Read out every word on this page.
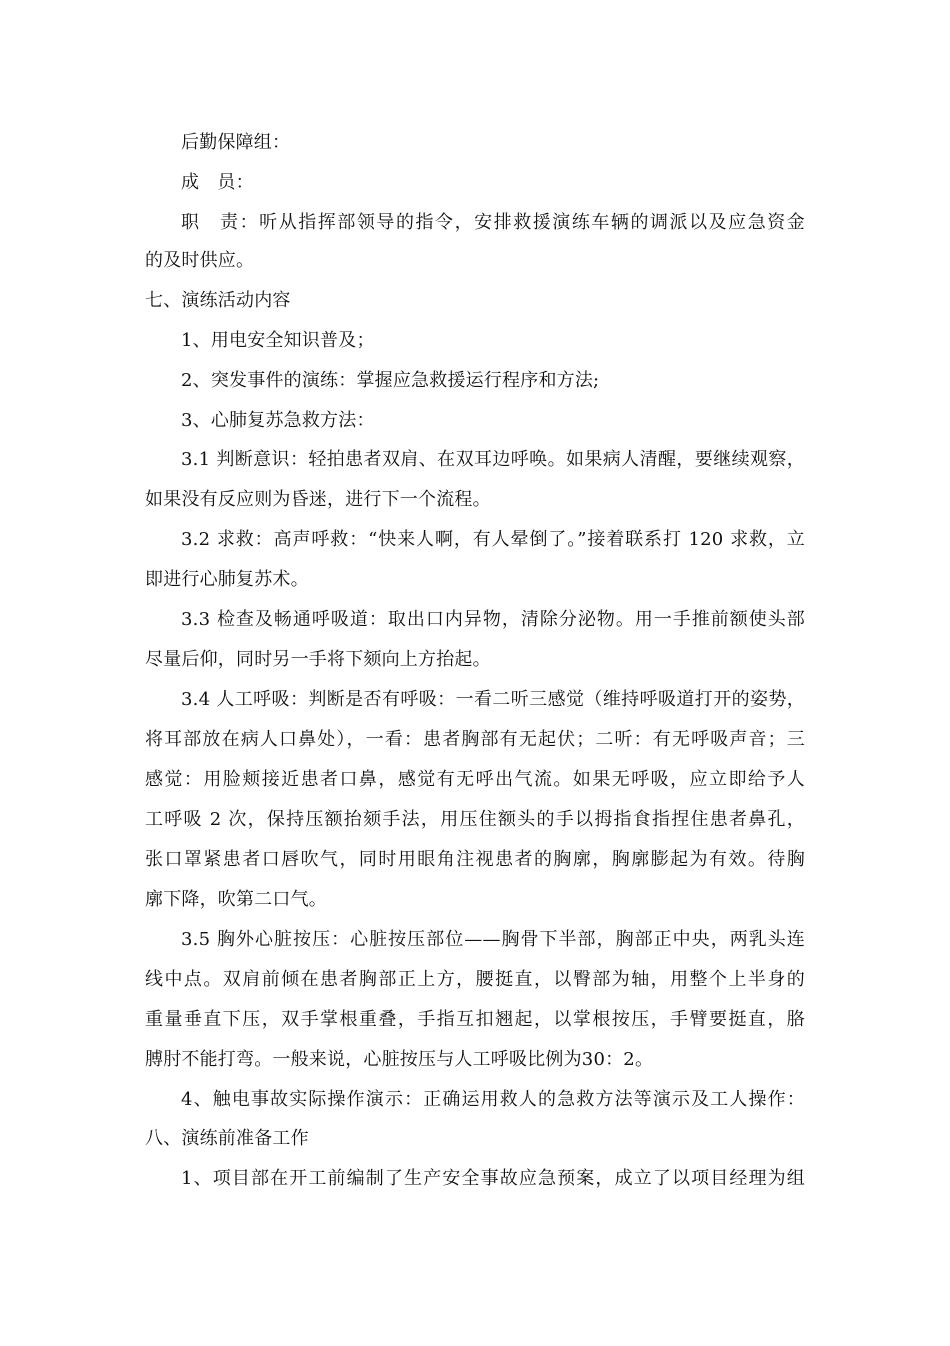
后勤保障组：
成　员：
职　责：听从指挥部领导的指令，安排救援演练车辆的调派以及应急资金
的及时供应。
七、演练活动内容
1、用电安全知识普及；
2、突发事件的演练：掌握应急救援运行程序和方法;
3、心肺复苏急救方法：
3.1 判断意识：轻拍患者双肩、在双耳边呼唤。如果病人清醒，要继续观察，
如果没有反应则为昏迷，进行下一个流程。
3.2 求救：高声呼救：“快来人啊，有人晕倒了。”接着联系打 120 求救，立
即进行心肺复苏术。
3.3 检查及畅通呼吸道：取出口内异物，清除分泌物。用一手推前额使头部
尽量后仰，同时另一手将下颏向上方抬起。
3.4 人工呼吸：判断是否有呼吸：一看二听三感觉（维持呼吸道打开的姿势，
将耳部放在病人口鼻处），一看：患者胸部有无起伏；二听：有无呼吸声音；三
感觉：用脸颊接近患者口鼻，感觉有无呼出气流。如果无呼吸，应立即给予人
工呼吸 2 次，保持压额抬颏手法，用压住额头的手以拇指食指捏住患者鼻孔，
张口罩紧患者口唇吹气，同时用眼角注视患者的胸廓，胸廓膨起为有效。待胸
廓下降，吹第二口气。
3.5 胸外心脏按压：心脏按压部位——胸骨下半部，胸部正中央，两乳头连
线中点。双肩前倾在患者胸部正上方，腰挺直，以臀部为轴，用整个上半身的
重量垂直下压，双手掌根重叠，手指互扣翘起，以掌根按压，手臂要挺直，胳
膊肘不能打弯。一般来说，心脏按压与人工呼吸比例为30：2。
4、触电事故实际操作演示：正确运用救人的急救方法等演示及工人操作：
八、演练前准备工作
1、项目部在开工前编制了生产安全事故应急预案，成立了以项目经理为组
